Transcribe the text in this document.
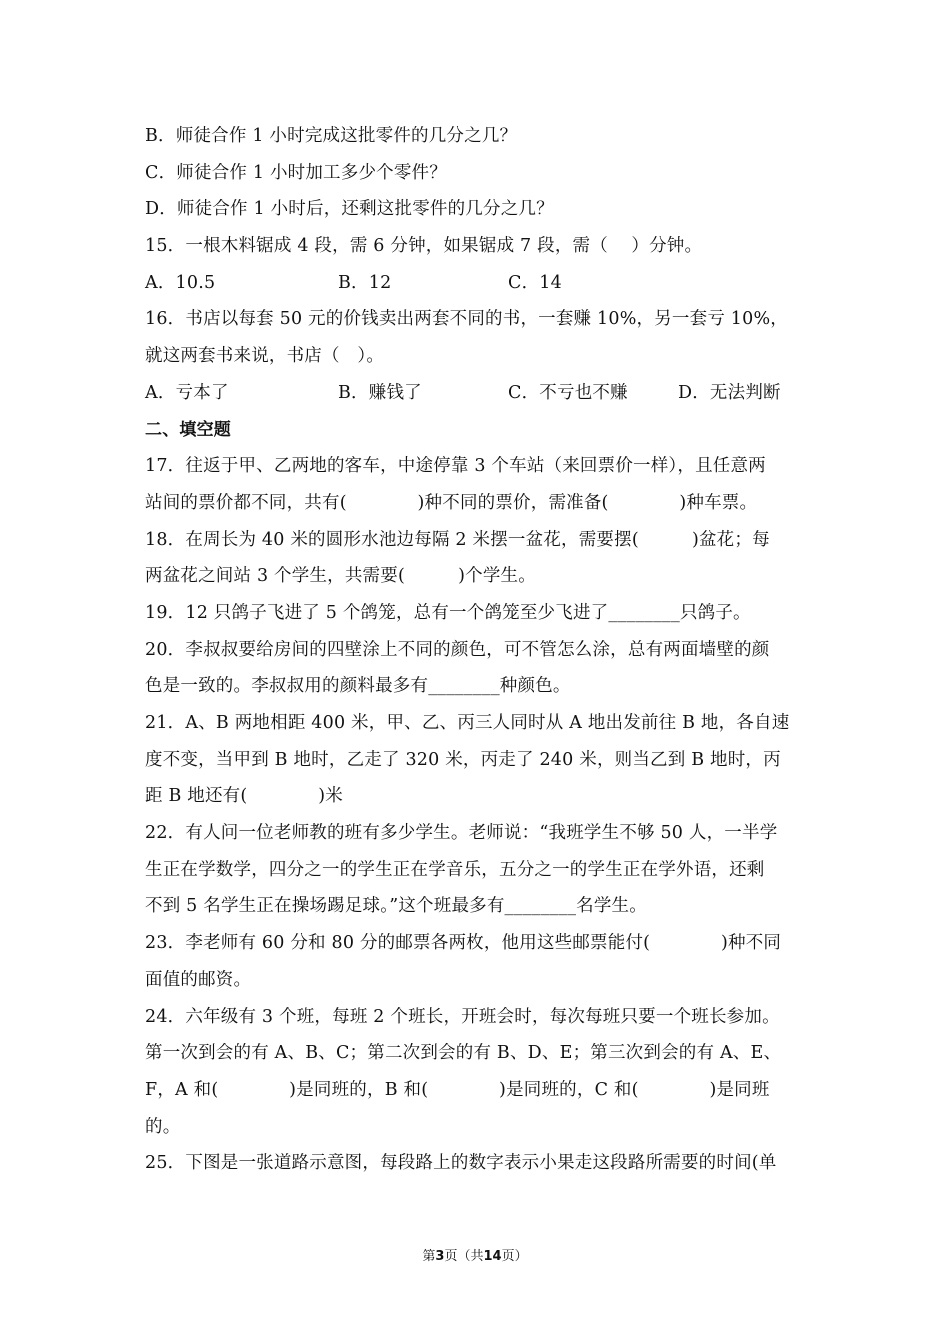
B．师徒合作 1 小时完成这批零件的几分之几？
C．师徒合作 1 小时加工多少个零件？
D．师徒合作 1 小时后，还剩这批零件的几分之几？
15．一根木料锯成 4 段，需 6 分钟，如果锯成 7 段，需（　 ）分钟。
A．10.5	B．12	C．14
16．书店以每套 50 元的价钱卖出两套不同的书，一套赚 10%，另一套亏 10%，
就这两套书来说，书店（　）。
A．亏本了	B．赚钱了	C．不亏也不赚	D．无法判断
二、填空题
17．往返于甲、乙两地的客车，中途停靠 3 个车站（来回票价一样），且任意两
站间的票价都不同，共有(　　　　)种不同的票价，需准备(　　　　)种车票。
18．在周长为 40 米的圆形水池边每隔 2 米摆一盆花，需要摆(　　　)盆花；每
两盆花之间站 3 个学生，共需要(　　　)个学生。
19．12 只鸽子飞进了 5 个鸽笼，总有一个鸽笼至少飞进了________只鸽子。
20．李叔叔要给房间的四壁涂上不同的颜色，可不管怎么涂，总有两面墙壁的颜
色是一致的。李叔叔用的颜料最多有________种颜色。
21．A、B 两地相距 400 米，甲、乙、丙三人同时从 A 地出发前往 B 地，各自速
度不变，当甲到 B 地时，乙走了 320 米，丙走了 240 米，则当乙到 B 地时，丙
距 B 地还有(　　　　)米
22．有人问一位老师教的班有多少学生。老师说：“我班学生不够 50 人，一半学
生正在学数学，四分之一的学生正在学音乐，五分之一的学生正在学外语，还剩
不到 5 名学生正在操场踢足球。”这个班最多有________名学生。
23．李老师有 60 分和 80 分的邮票各两枚，他用这些邮票能付(　　　　)种不同
面值的邮资。
24．六年级有 3 个班，每班 2 个班长，开班会时，每次每班只要一个班长参加。
第一次到会的有 A、B、C；第二次到会的有 B、D、E；第三次到会的有 A、E、
F，A 和(　　　　)是同班的，B 和(　　　　)是同班的，C 和(　　　　)是同班
的。
25．下图是一张道路示意图，每段路上的数字表示小果走这段路所需要的时间(单
第3页（共14页）
